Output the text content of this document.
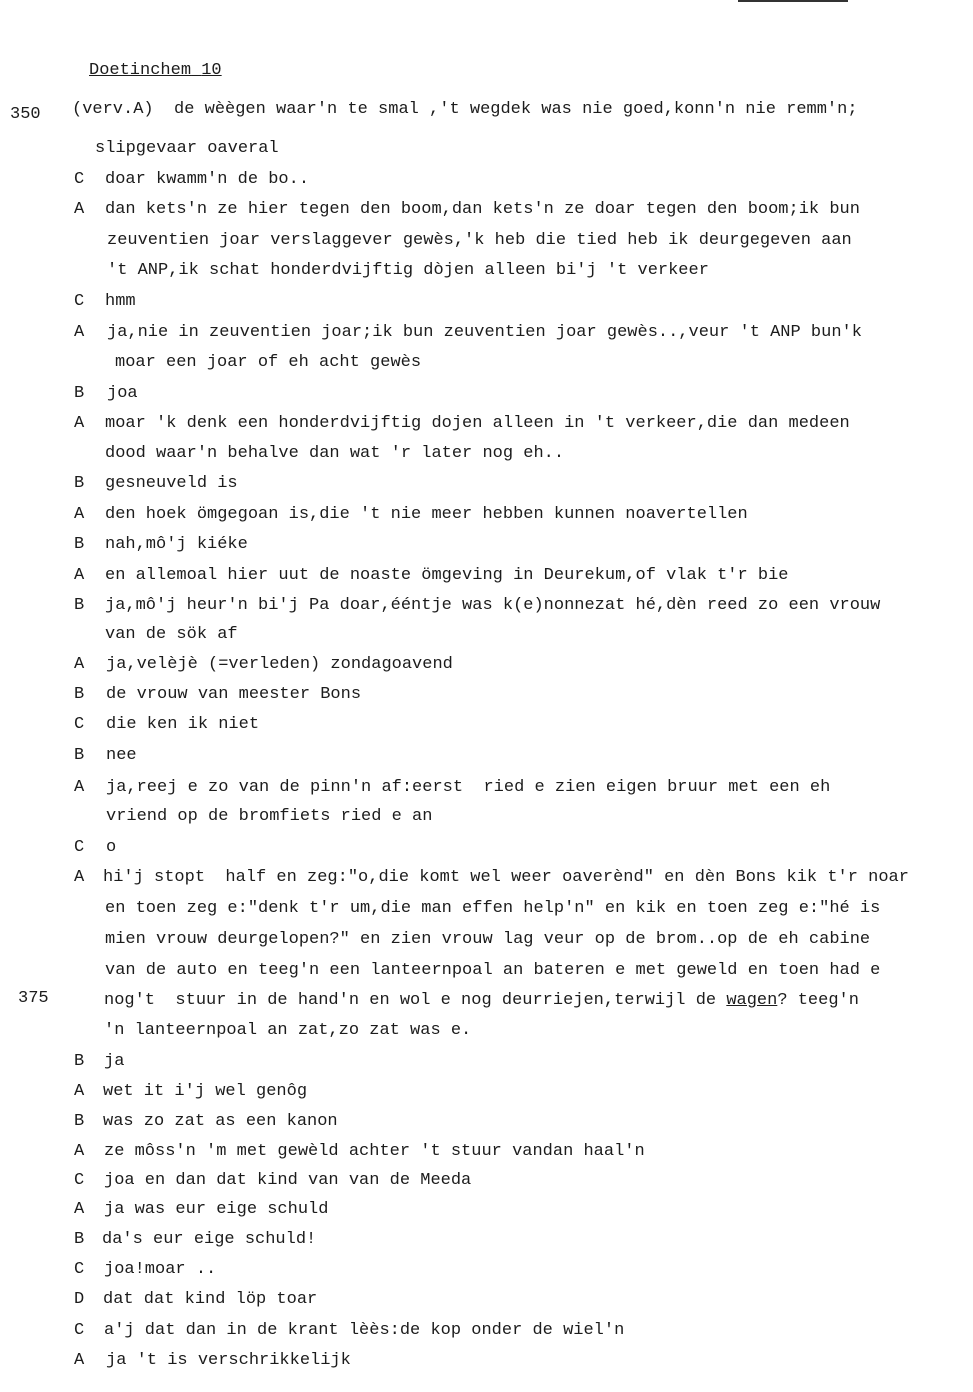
Doetinchem 10
(verv.A)  de wèègen waar'n te smal ,'t wegdek was nie goed,konn'n nie remm'n;
slipgevaar oaveral
C	doar kwamm'n de bo..
A	dan kets'n ze hier tegen den boom,dan kets'n ze doar tegen den boom;ik bun
zeuventien joar verslaggever gewès,'k heb die tied heb ik deurgegeven aan
't ANP,ik schat honderdvijftig dòjen alleen bi'j 't verkeer
C	hmm
A	ja,nie in zeuventien joar;ik bun zeuventien joar gewès..,veur 't ANP bun'k
moar een joar of eh acht gewès
B	joa
A	moar 'k denk een honderdvijftig dojen alleen in 't verkeer,die dan medeen
dood waar'n behalve dan wat 'r later nog eh..
B	gesneuveld is
A	den hoek ömgegoan is,die 't nie meer hebben kunnen noavertellen
B	nah,mô'j kiéke
A	en allemoal hier uut de noaste ömgeving in Deurekum,of vlak t'r bie
B	ja,mô'j heur'n bi'j Pa doar,ééntje was k(e)nonnezat hé,dèn reed zo een vrouw
van de sök af
A	ja,velèjè (=verleden) zondagoavend
B	de vrouw van meester Bons
C	die ken ik niet
B	nee
A	ja,reej e zo van de pinn'n af:eerst  ried e zien eigen bruur met een eh
vriend op de bromfiets ried e an
C	o
A	hi'j stopt  half en zeg:"o,die komt wel weer oaverènd" en dèn Bons kik t'r noar
en toen zeg e:"denk t'r um,die man effen help'n" en kik en toen zeg e:"hé is
mien vrouw deurgelopen?" en zien vrouw lag veur op de brom..op de eh cabine
van de auto en teeg'n een lanteernpoal an bateren e met geweld en toen had e
nog't  stuur in de hand'n en wol e nog deurriejen,terwijl de wagen? teeg'n
'n lanteernpoal an zat,zo zat was e.
B	ja
A	wet it i'j wel genôg
B	was zo zat as een kanon
A	ze môss'n 'm met gewèld achter 't stuur vandan haal'n
C	joa en dan dat kind van van de Meeda
A	ja was eur eige schuld
B	da's eur eige schuld!
C	joa!moar ..
D	dat dat kind löp toar
C	a'j dat dan in de krant lèès:de kop onder de wiel'n
A	ja 't is verschrikkelijk
350
375
